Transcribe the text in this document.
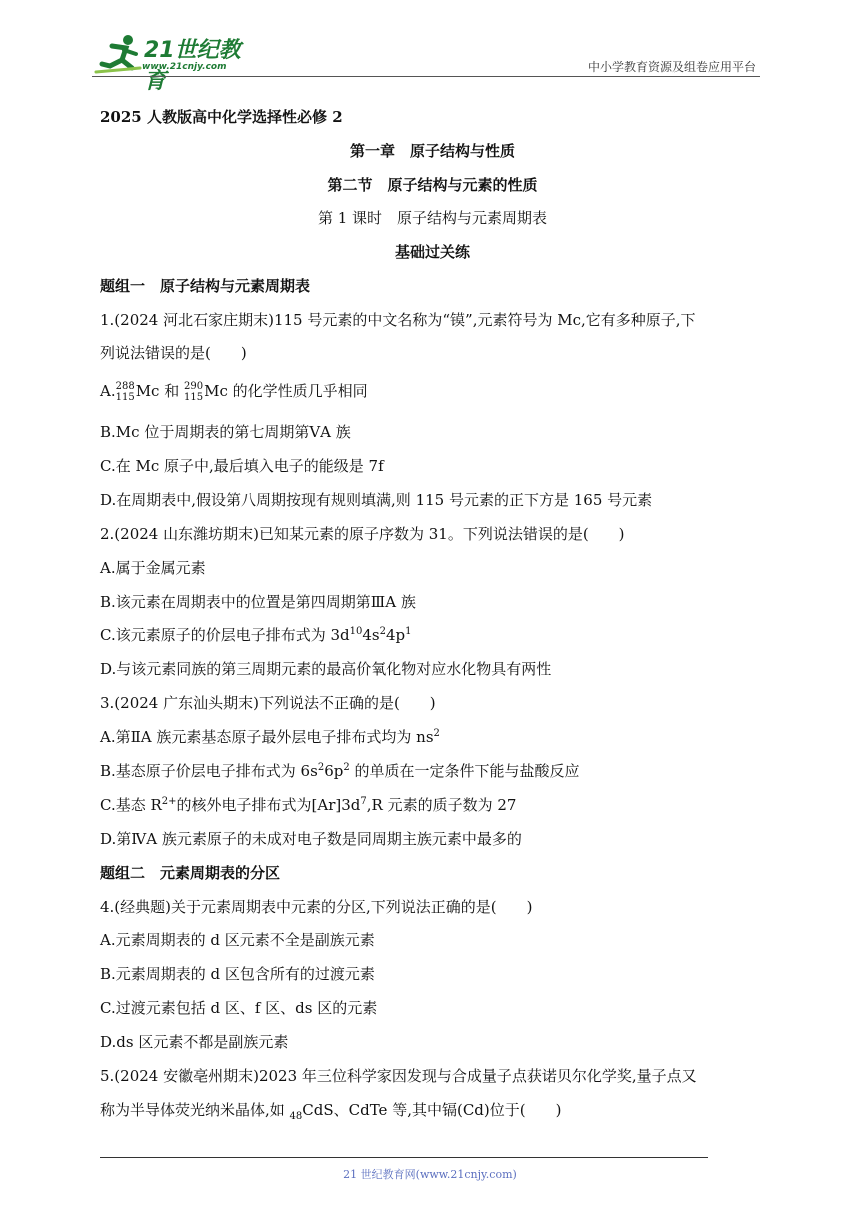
21世纪教育
www.21cnjy.com	中小学教育资源及组卷应用平台
2025 人教版高中化学选择性必修 2
第一章　原子结构与性质
第二节　原子结构与元素的性质
第 1 课时　原子结构与元素周期表
基础过关练
题组一　原子结构与元素周期表
1.(2024 河北石家庄期末)115 号元素的中文名称为“镆”,元素符号为 Mc,它有多种原子,下
列说法错误的是(　　)
A.288
115Mc 和 290
115Mc 的化学性质几乎相同
B.Mc 位于周期表的第七周期第ⅤA 族
C.在 Mc 原子中,最后填入电子的能级是 7f
D.在周期表中,假设第八周期按现有规则填满,则 115 号元素的正下方是 165 号元素
2.(2024 山东潍坊期末)已知某元素的原子序数为 31。下列说法错误的是(　　)
A.属于金属元素
B.该元素在周期表中的位置是第四周期第ⅢA 族
C.该元素原子的价层电子排布式为 $3d^{10}4s^24p^1$
D.与该元素同族的第三周期元素的最高价氧化物对应水化物具有两性
3.(2024 广东汕头期末)下列说法不正确的是(　　)
A.第ⅡA 族元素基态原子最外层电子排布式均为 $ns^2$
B.基态原子价层电子排布式为 $6s^26p^2$ 的单质在一定条件下能与盐酸反应
C.基态 $R^{2+}$的核外电子排布式为$[Ar]3d^7,R$ 元素的质子数为 27
D.第ⅣA 族元素原子的未成对电子数是同周期主族元素中最多的
题组二　元素周期表的分区
4.(经典题)关于元素周期表中元素的分区,下列说法正确的是(　　)
A.元素周期表的 d 区元素不全是副族元素
B.元素周期表的 d 区包含所有的过渡元素
C.过渡元素包括 d 区、f 区、ds 区的元素
D.ds 区元素不都是副族元素
5.(2024 安徽亳州期末)2023 年三位科学家因发现与合成量子点获诺贝尔化学奖,量子点又
称为半导体荧光纳米晶体,如 $_{48}$CdS、CdTe 等,其中镉(Cd)位于(　　)
21 世纪教育网(www.21cnjy.com)
